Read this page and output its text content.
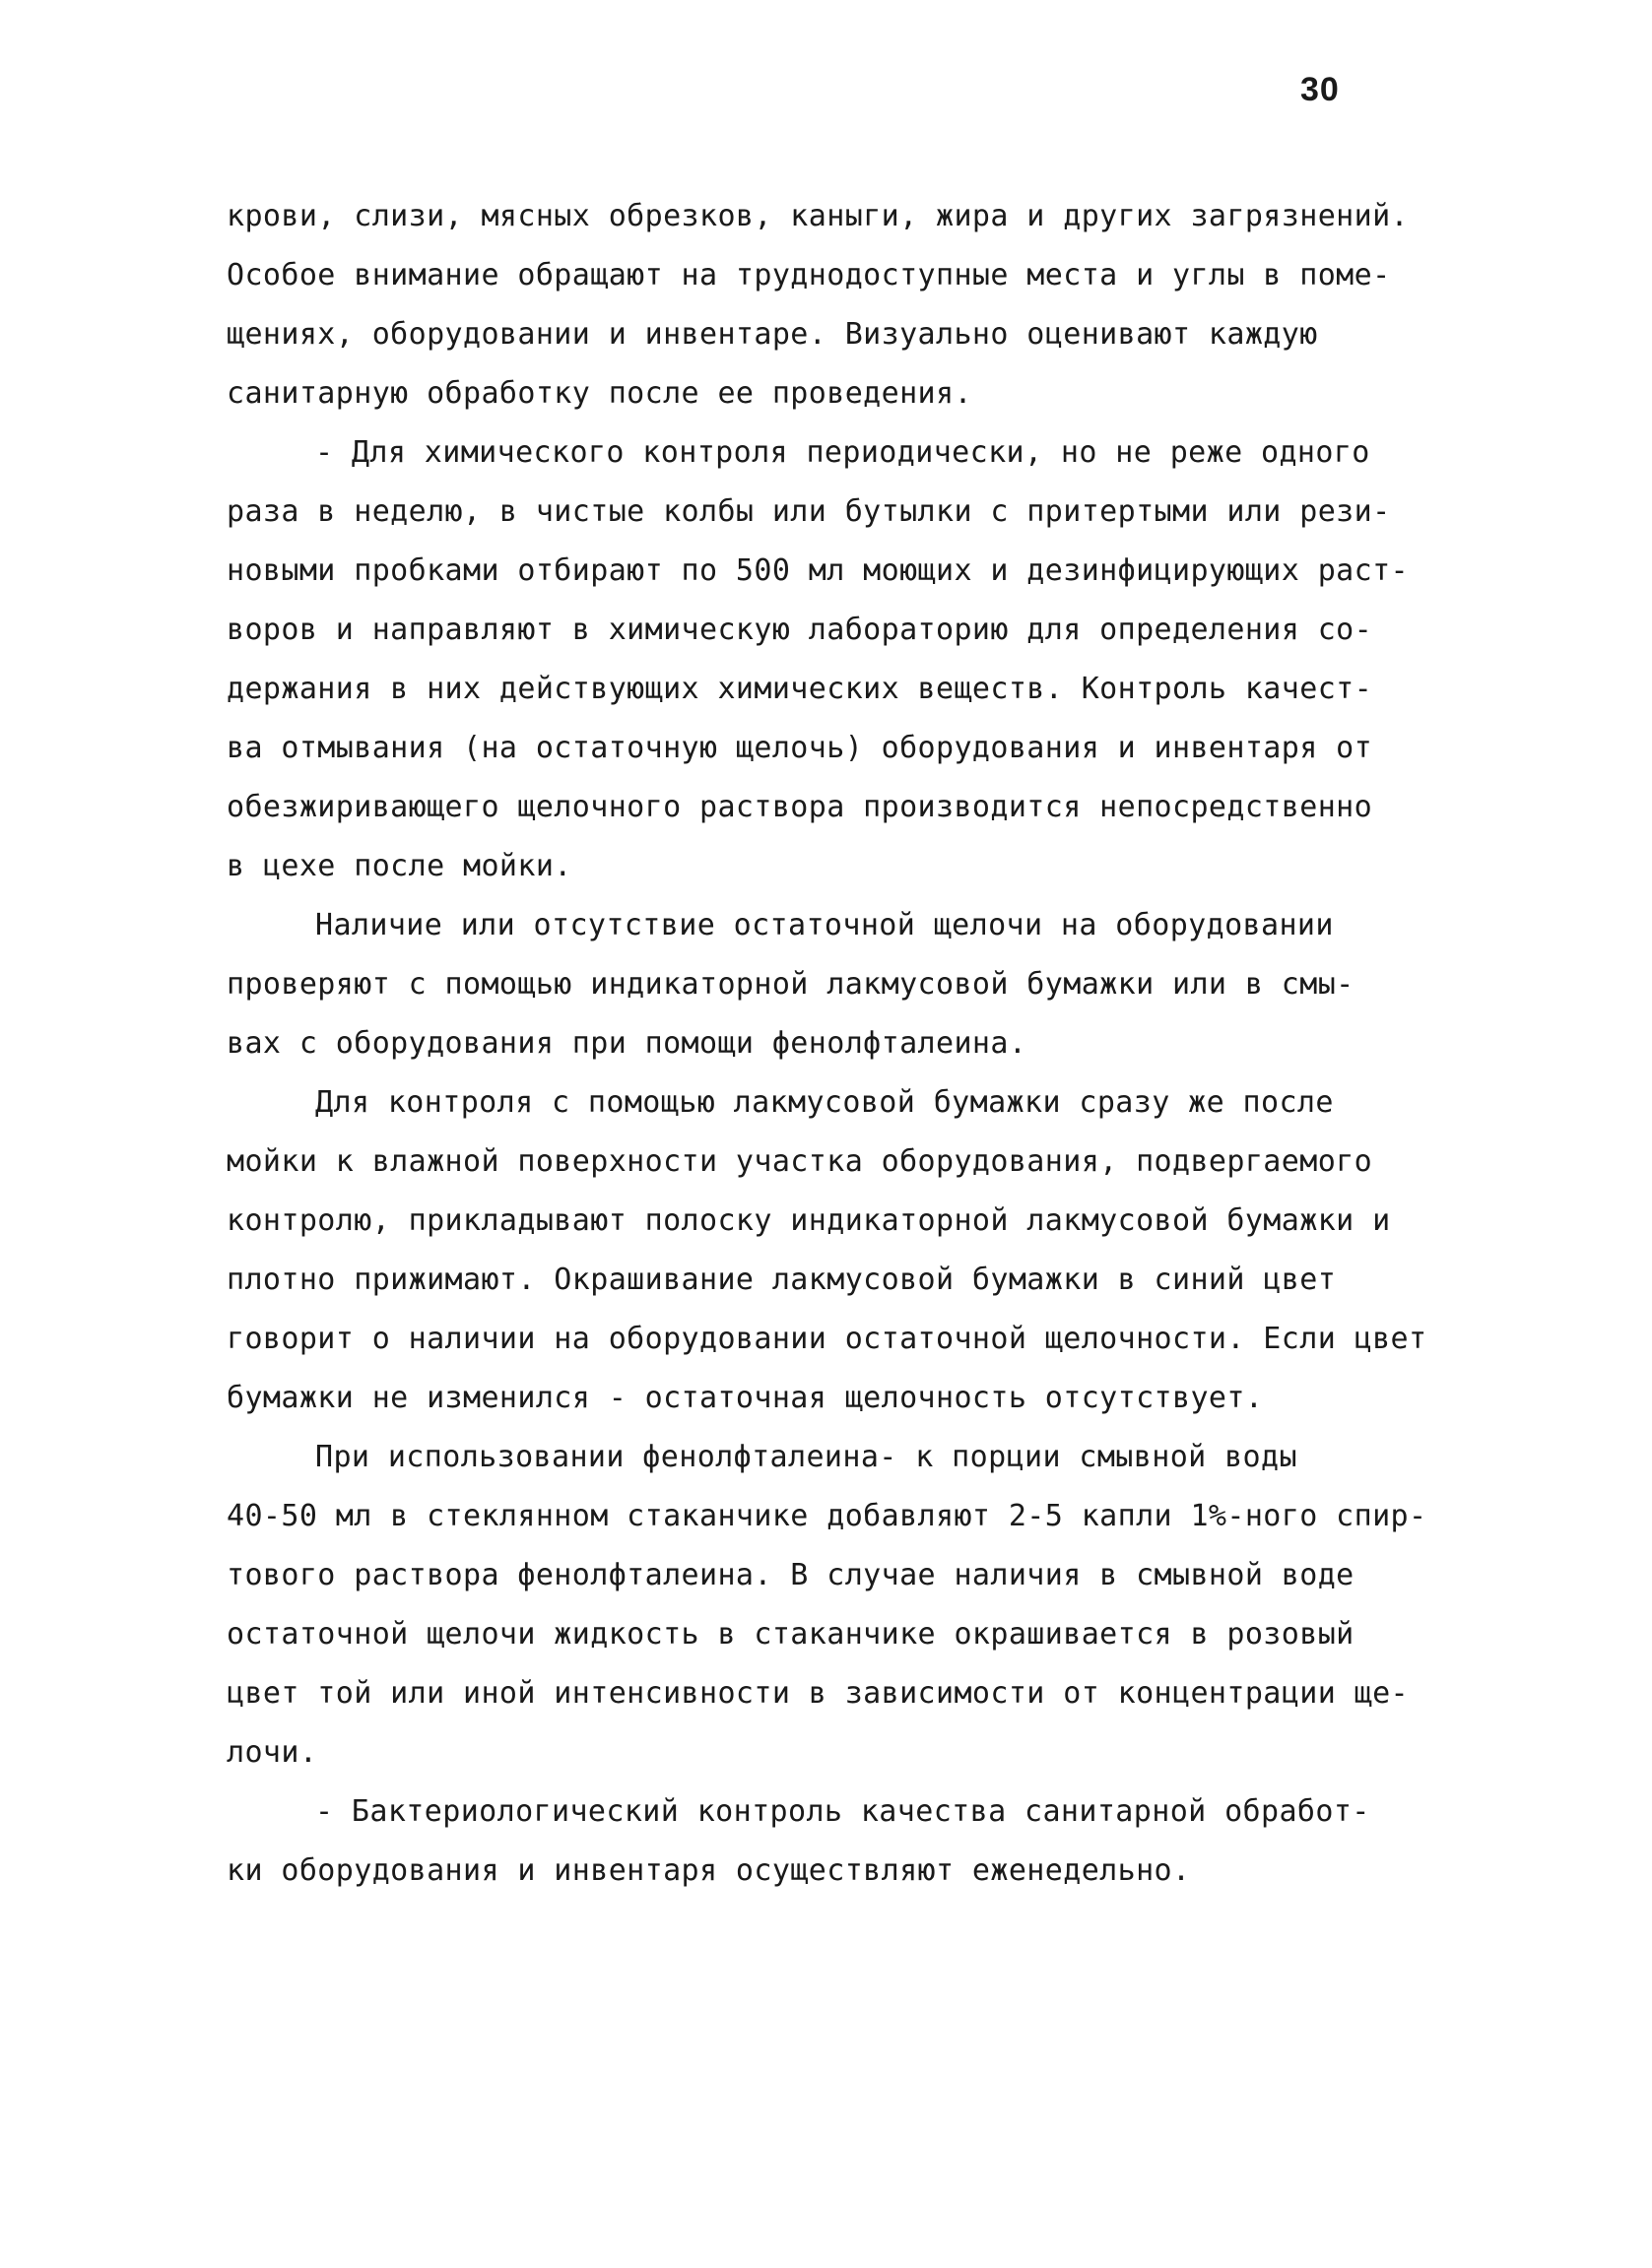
30
крови, слизи, мясных обрезков, каныги, жира и других загрязнений.
Особое внимание обращают на труднодоступные места и углы в поме-
щениях, оборудовании и инвентаре. Визуально оценивают каждую
санитарную обработку после ее проведения.
- Для химического контроля периодически, но не реже одного
раза в неделю, в чистые колбы или бутылки с притертыми или рези-
новыми пробками отбирают по 500 мл моющих и дезинфицирующих раст-
воров и направляют в химическую лабораторию для определения со-
держания в них действующих химических веществ. Контроль качест-
ва отмывания (на остаточную щелочь) оборудования и инвентаря от
обезжиривающего щелочного раствора производится непосредственно
в цехе после мойки.
Наличие или отсутствие остаточной щелочи на оборудовании
проверяют с помощью индикаторной лакмусовой бумажки или в смы-
вах с оборудования при помощи фенолфталеина.
Для контроля с помощью лакмусовой бумажки сразу же после
мойки к влажной поверхности участка оборудования, подвергаемого
контролю, прикладывают полоску индикаторной лакмусовой бумажки и
плотно прижимают. Окрашивание лакмусовой бумажки в синий цвет
говорит о наличии на оборудовании остаточной щелочности. Если цвет
бумажки не изменился - остаточная щелочность отсутствует.
При использовании фенолфталеина- к порции смывной воды
40-50 мл в стеклянном стаканчике добавляют 2-5 капли 1%-ного спир-
тового раствора фенолфталеина. В случае наличия в смывной воде
остаточной щелочи жидкость в стаканчике окрашивается в розовый
цвет той или иной интенсивности в зависимости от концентрации ще-
лочи.
- Бактериологический контроль качества санитарной обработ-
ки оборудования и инвентаря осуществляют еженедельно.
